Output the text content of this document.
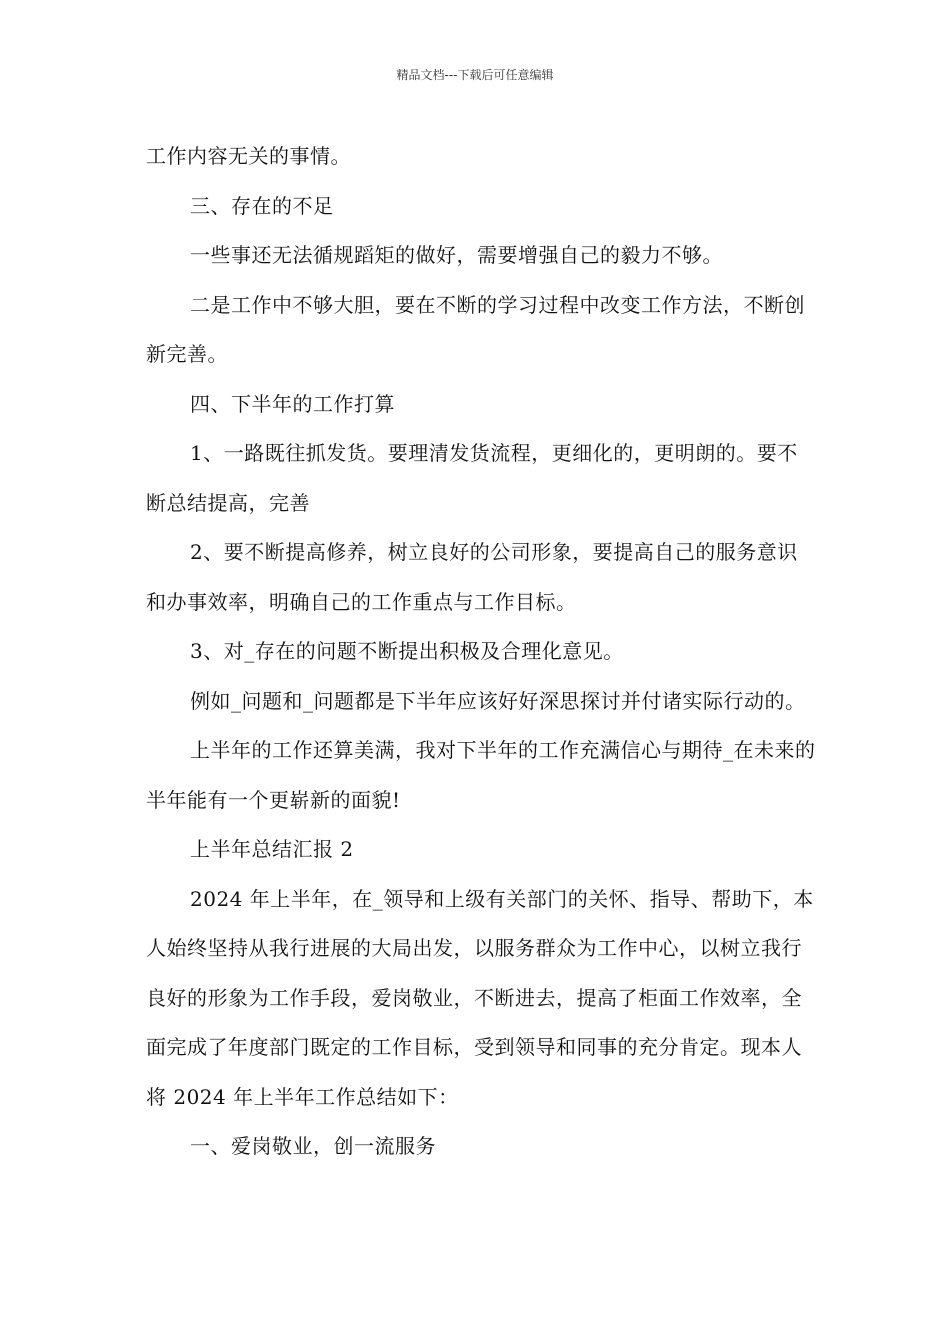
精品文档---下载后可任意编辑

工作内容无关的事情。

三、存在的不足

一些事还无法循规蹈矩的做好，需要增强自己的毅力不够。

二是工作中不够大胆，要在不断的学习过程中改变工作方法，不断创新完善。

四、下半年的工作打算

1、一路既往抓发货。要理清发货流程，更细化的，更明朗的。要不断总结提高，完善

2、要不断提高修养，树立良好的公司形象，要提高自己的服务意识和办事效率，明确自己的工作重点与工作目标。

3、对_存在的问题不断提出积极及合理化意见。

例如_问题和_问题都是下半年应该好好深思探讨并付诸实际行动的。

上半年的工作还算美满，我对下半年的工作充满信心与期待_在未来的半年能有一个更崭新的面貌!

上半年总结汇报 2

2024 年上半年，在_领导和上级有关部门的关怀、指导、帮助下，本人始终坚持从我行进展的大局出发，以服务群众为工作中心，以树立我行良好的形象为工作手段，爱岗敬业，不断进去，提高了柜面工作效率，全面完成了年度部门既定的工作目标，受到领导和同事的充分肯定。现本人将 2024 年上半年工作总结如下：

一、爱岗敬业，创一流服务
